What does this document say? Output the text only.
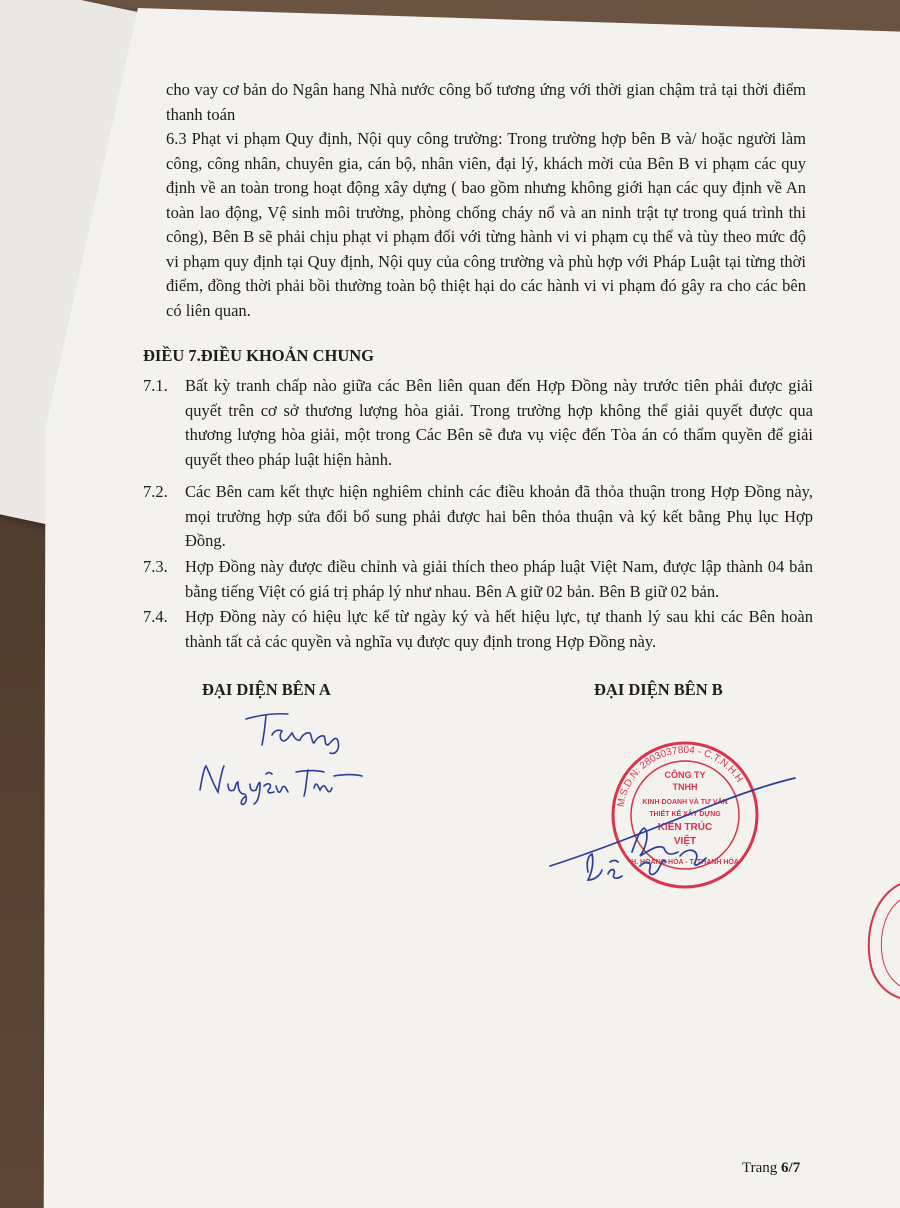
cho vay cơ bản do Ngân hang Nhà nước công bố tương ứng với thời gian chậm trả tại thời điểm thanh toán

6.3 Phạt vi phạm Quy định, Nội quy công trường: Trong trường hợp bên B và/ hoặc người làm công, công nhân, chuyên gia, cán bộ, nhân viên, đại lý, khách mời của Bên B vi phạm các quy định về an toàn trong hoạt động xây dựng ( bao gồm nhưng không giới hạn các quy định về An toàn lao động, Vệ sinh môi trường, phòng chống cháy nổ và an ninh trật tự trong quá trình thi công), Bên B sẽ phải chịu phạt vi phạm đối với từng hành vi vi phạm cụ thể và tùy theo mức độ vi phạm quy định tại Quy định, Nội quy của công trường và phù hợp với Pháp Luật tại từng thời điểm, đồng thời phải bồi thường toàn bộ thiệt hại do các hành vi vi phạm đó gây ra cho các bên có liên quan.

ĐIỀU 7.ĐIỀU KHOẢN CHUNG
7.1.	Bất kỳ tranh chấp nào giữa các Bên liên quan đến Hợp Đồng này trước tiên phải được giải quyết trên cơ sở thương lượng hòa giải. Trong trường hợp không thể giải quyết được qua thương lượng hòa giải, một trong Các Bên sẽ đưa vụ việc đến Tòa án có thẩm quyền để giải quyết theo pháp luật hiện hành.
7.2.	Các Bên cam kết thực hiện nghiêm chỉnh các điều khoản đã thỏa thuận trong Hợp Đồng này, mọi trường hợp sửa đổi bổ sung phải được hai bên thỏa thuận và ký kết bằng Phụ lục Hợp Đồng.
7.3.	Hợp Đồng này được điều chỉnh và giải thích theo pháp luật Việt Nam, được lập thành 04 bản bằng tiếng Việt có giá trị pháp lý như nhau. Bên A giữ 02 bản. Bên B giữ 02 bản.
7.4.	Hợp Đồng này có hiệu lực kể từ ngày ký và hết hiệu lực, tự thanh lý sau khi các Bên hoàn thành tất cả các quyền và nghĩa vụ được quy định trong Hợp Đồng này.
ĐẠI DIỆN BÊN A	ĐẠI DIỆN BÊN B
M.S.D.N: 2803037804 - C.T.N.H.H
CÔNG TY
TNHH
KINH DOANH VÀ TƯ VẤN
THIẾT KẾ XÂY DỰNG
KIẾN TRÚC
VIỆT
H. HOẰNG HÓA - T. THANH HÓA
Trang 6/7
